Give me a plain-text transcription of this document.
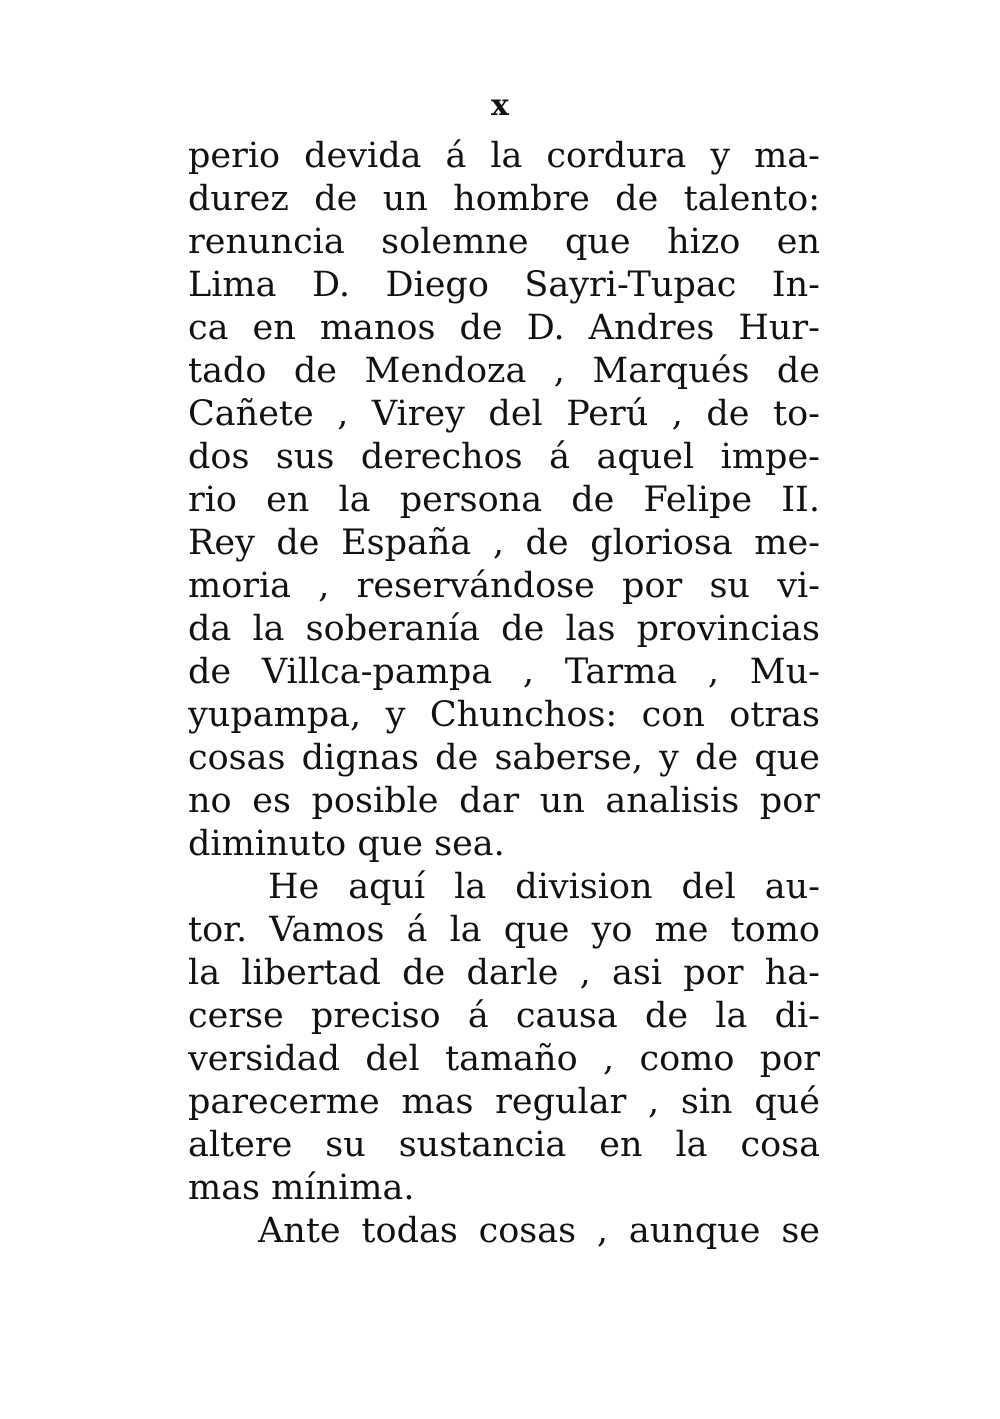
x
perio devida á la cordura y ma-
durez de un hombre de talento:
renuncia solemne que hizo en
Lima D. Diego Sayri-Tupac In-
ca en manos de D. Andres Hur-
tado de Mendoza , Marqués de
Cañete , Virey del Perú , de to-
dos sus derechos á aquel impe-
rio en la persona de Felipe II.
Rey de España , de gloriosa me-
moria , reservándose por su vi-
da la soberanía de las provincias
de Villca-pampa , Tarma , Mu-
yupampa, y Chunchos: con otras
cosas dignas de saberse, y de que
no es posible dar un analisis por
diminuto que sea.
He aquí la division del au-
tor. Vamos á la que yo me tomo
la libertad de darle , asi por ha-
cerse preciso á causa de la di-
versidad del tamaño , como por
parecerme mas regular , sin qué
altere su sustancia en la cosa
mas mínima.
Ante todas cosas , aunque se
